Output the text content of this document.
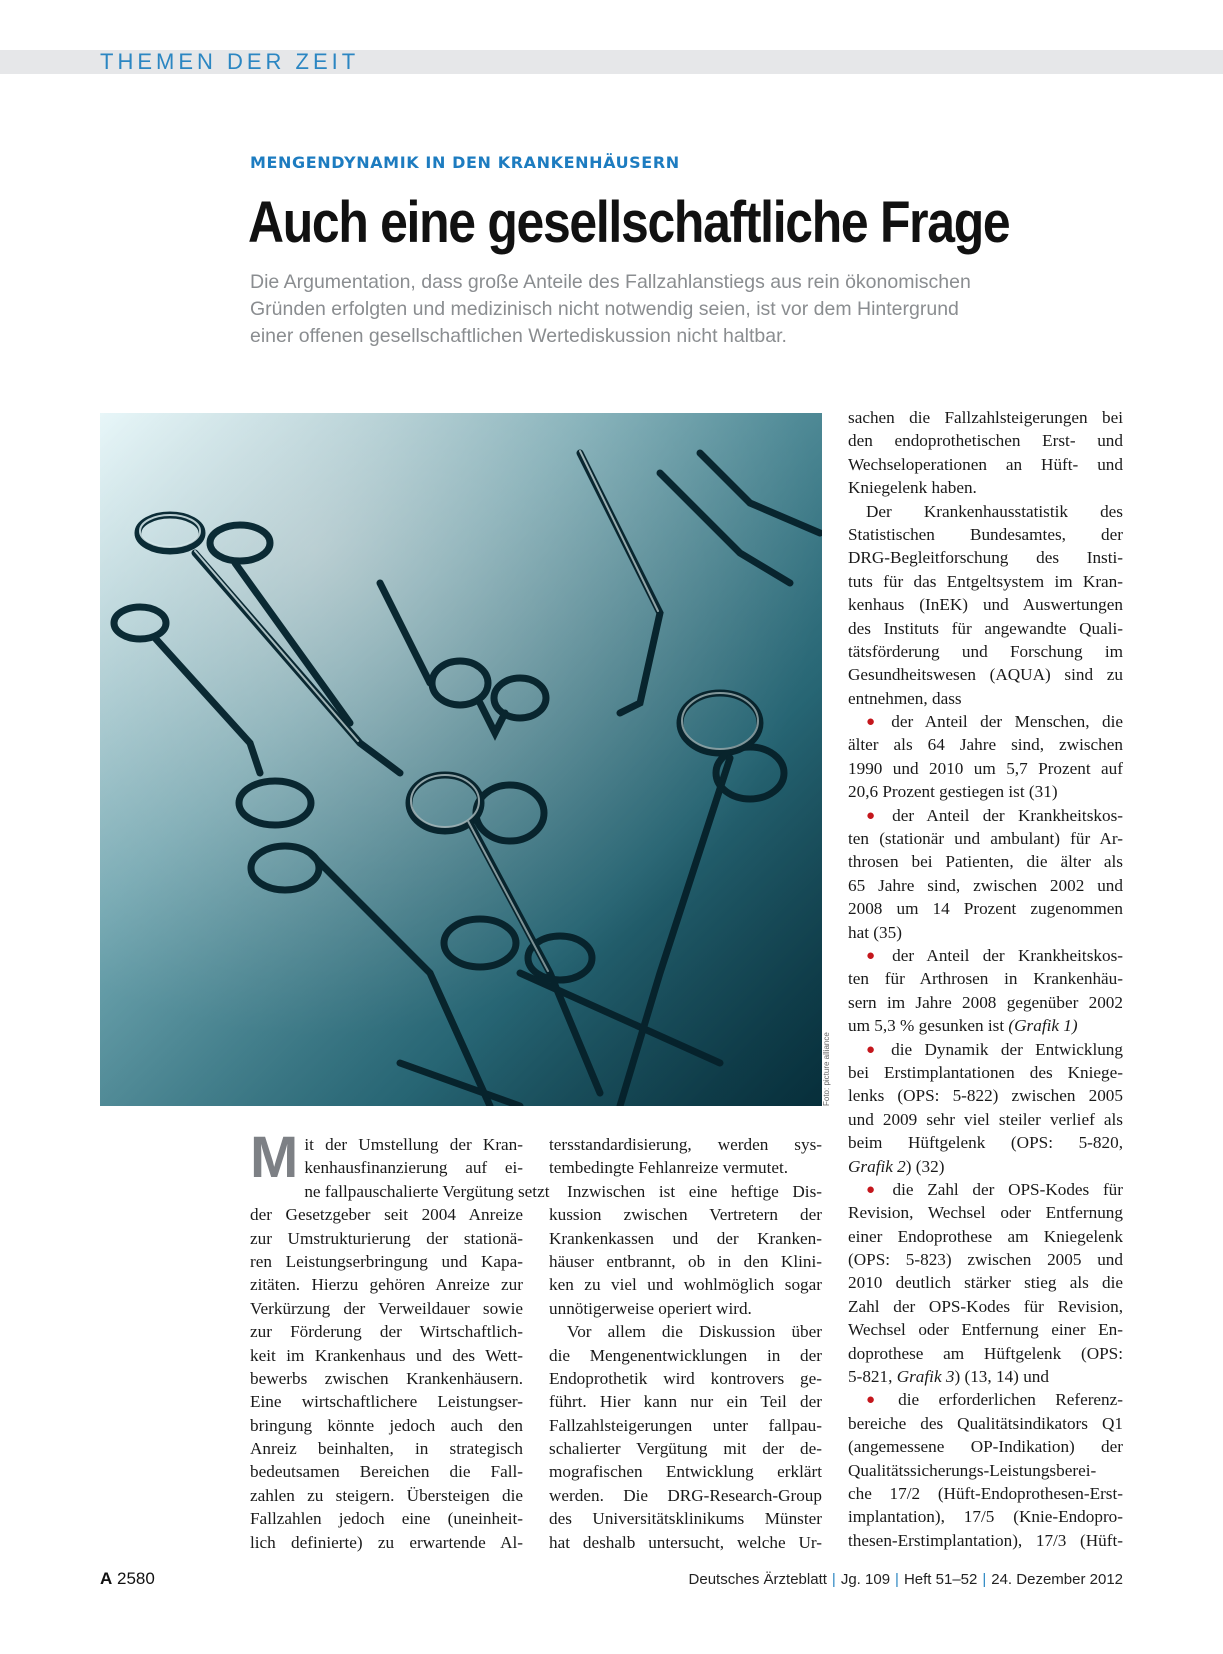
THEMEN DER ZEIT
MENGENDYNAMIK IN DEN KRANKENHÄUSERN
Auch eine gesellschaftliche Frage
Die Argumentation, dass große Anteile des Fallzahlanstiegs aus rein ökonomischen
Gründen erfolgten und medizinisch nicht notwendig seien, ist vor dem Hintergrund
einer offenen gesellschaftlichen Wertediskussion nicht haltbar.
Foto: picture alliance
M it der Umstellung der Kran-
kenhausfinanzierung auf ei-
ne fallpauschalierte Vergütung setzt
der Gesetzgeber seit 2004 Anreize
zur Umstrukturierung der stationä-
ren Leistungserbringung und Kapa-
zitäten. Hierzu gehören Anreize zur
Verkürzung der Verweildauer sowie
zur Förderung der Wirtschaftlich-
keit im Krankenhaus und des Wett-
bewerbs zwischen Krankenhäusern.
Eine wirtschaftlichere Leistungser-
bringung könnte jedoch auch den
Anreiz beinhalten, in strategisch
bedeutsamen Bereichen die Fall-
zahlen zu steigern. Übersteigen die
Fallzahlen jedoch eine (uneinheit-
lich definierte) zu erwartende Al-
tersstandardisierung, werden sys-
tembedingte Fehlanreize vermutet.
Inzwischen ist eine heftige Dis-
kussion zwischen Vertretern der
Krankenkassen und der Kranken-
häuser entbrannt, ob in den Klini-
ken zu viel und wohlmöglich sogar
unnötigerweise operiert wird.
Vor allem die Diskussion über
die Mengenentwicklungen in der
Endoprothetik wird kontrovers ge-
führt. Hier kann nur ein Teil der
Fallzahlsteigerungen unter fallpau-
schalierter Vergütung mit der de-
mografischen Entwicklung erklärt
werden. Die DRG-Research-Group
des Universitätsklinikums Münster
hat deshalb untersucht, welche Ur-
sachen die Fallzahlsteigerungen bei
den endoprothetischen Erst- und
Wechseloperationen an Hüft- und
Kniegelenk haben.
Der Krankenhausstatistik des
Statistischen Bundesamtes, der
DRG-Begleitforschung des Insti-
tuts für das Entgeltsystem im Kran-
kenhaus (InEK) und Auswertungen
des Instituts für angewandte Quali-
tätsförderung und Forschung im
Gesundheitswesen (AQUA) sind zu
entnehmen, dass
● der Anteil der Menschen, die
älter als 64 Jahre sind, zwischen
1990 und 2010 um 5,7 Prozent auf
20,6 Prozent gestiegen ist (31)
● der Anteil der Krankheitskos-
ten (stationär und ambulant) für Ar-
throsen bei Patienten, die älter als
65 Jahre sind, zwischen 2002 und
2008 um 14 Prozent zugenommen
hat (35)
● der Anteil der Krankheitskos-
ten für Arthrosen in Krankenhäu-
sern im Jahre 2008 gegenüber 2002
um 5,3 % gesunken ist (Grafik 1)
● die Dynamik der Entwicklung
bei Erstimplantationen des Kniege-
lenks (OPS: 5-822) zwischen 2005
und 2009 sehr viel steiler verlief als
beim Hüftgelenk (OPS: 5-820,
Grafik 2) (32)
● die Zahl der OPS-Kodes für
Revision, Wechsel oder Entfernung
einer Endoprothese am Kniegelenk
(OPS: 5-823) zwischen 2005 und
2010 deutlich stärker stieg als die
Zahl der OPS-Kodes für Revision,
Wechsel oder Entfernung einer En-
doprothese am Hüftgelenk (OPS:
5-821, Grafik 3) (13, 14) und
● die erforderlichen Referenz-
bereiche des Qualitätsindikators Q1
(angemessene OP-Indikation) der
Qualitätssicherungs-Leistungsberei-
che 17/2 (Hüft-Endoprothesen-Erst-
implantation), 17/5 (Knie-Endopro-
thesen-Erstimplantation), 17/3 (Hüft-
A 2580	Deutsches Ärzteblatt | Jg. 109 | Heft 51–52 | 24. Dezember 2012
